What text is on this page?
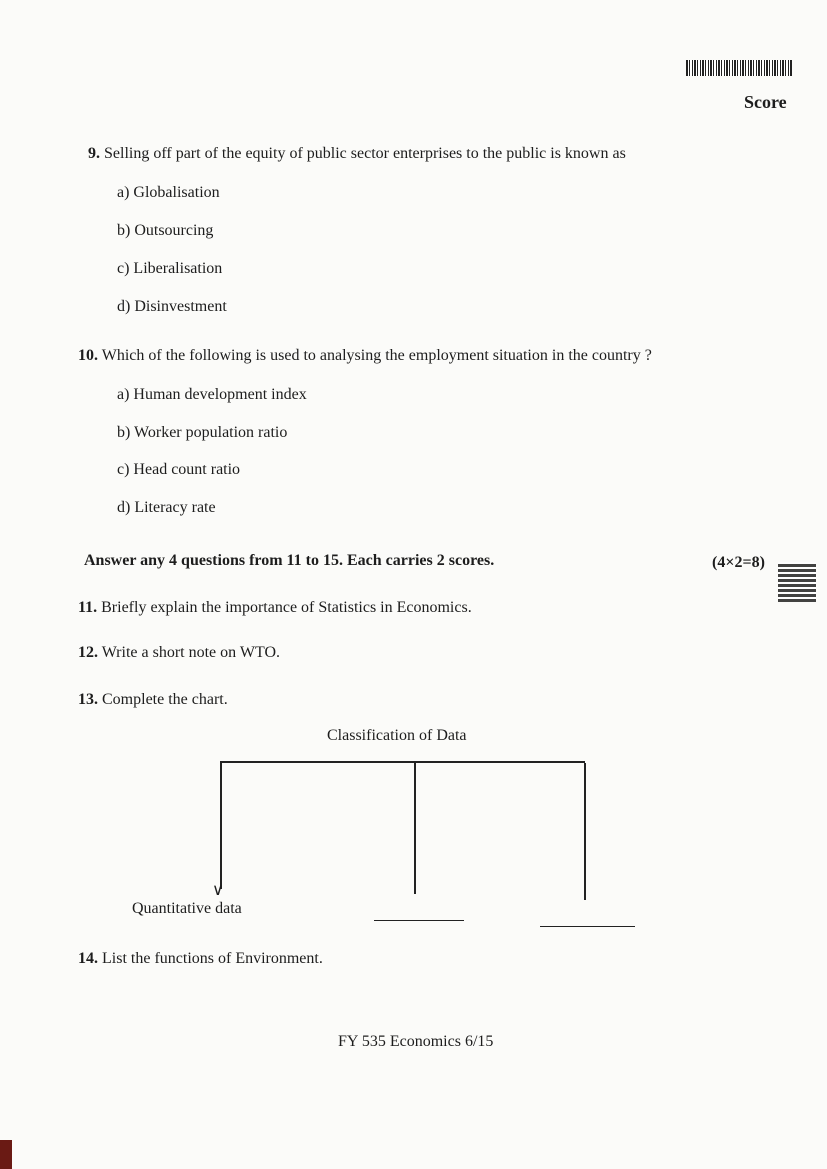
Score
9. Selling off part of the equity of public sector enterprises to the public is known as
a) Globalisation
b) Outsourcing
c) Liberalisation
d) Disinvestment
10. Which of the following is used to analysing the employment situation in the country ?
a) Human development index
b) Worker population ratio
c) Head count ratio
d) Literacy rate
Answer any 4 questions from 11 to 15. Each carries 2 scores.	(4×2=8)
11. Briefly explain the importance of Statistics in Economics.
12. Write a short note on WTO.
13. Complete the chart.
Classification of Data
∨
Quantitative data
14. List the functions of Environment.
FY 535 Economics 6/15
